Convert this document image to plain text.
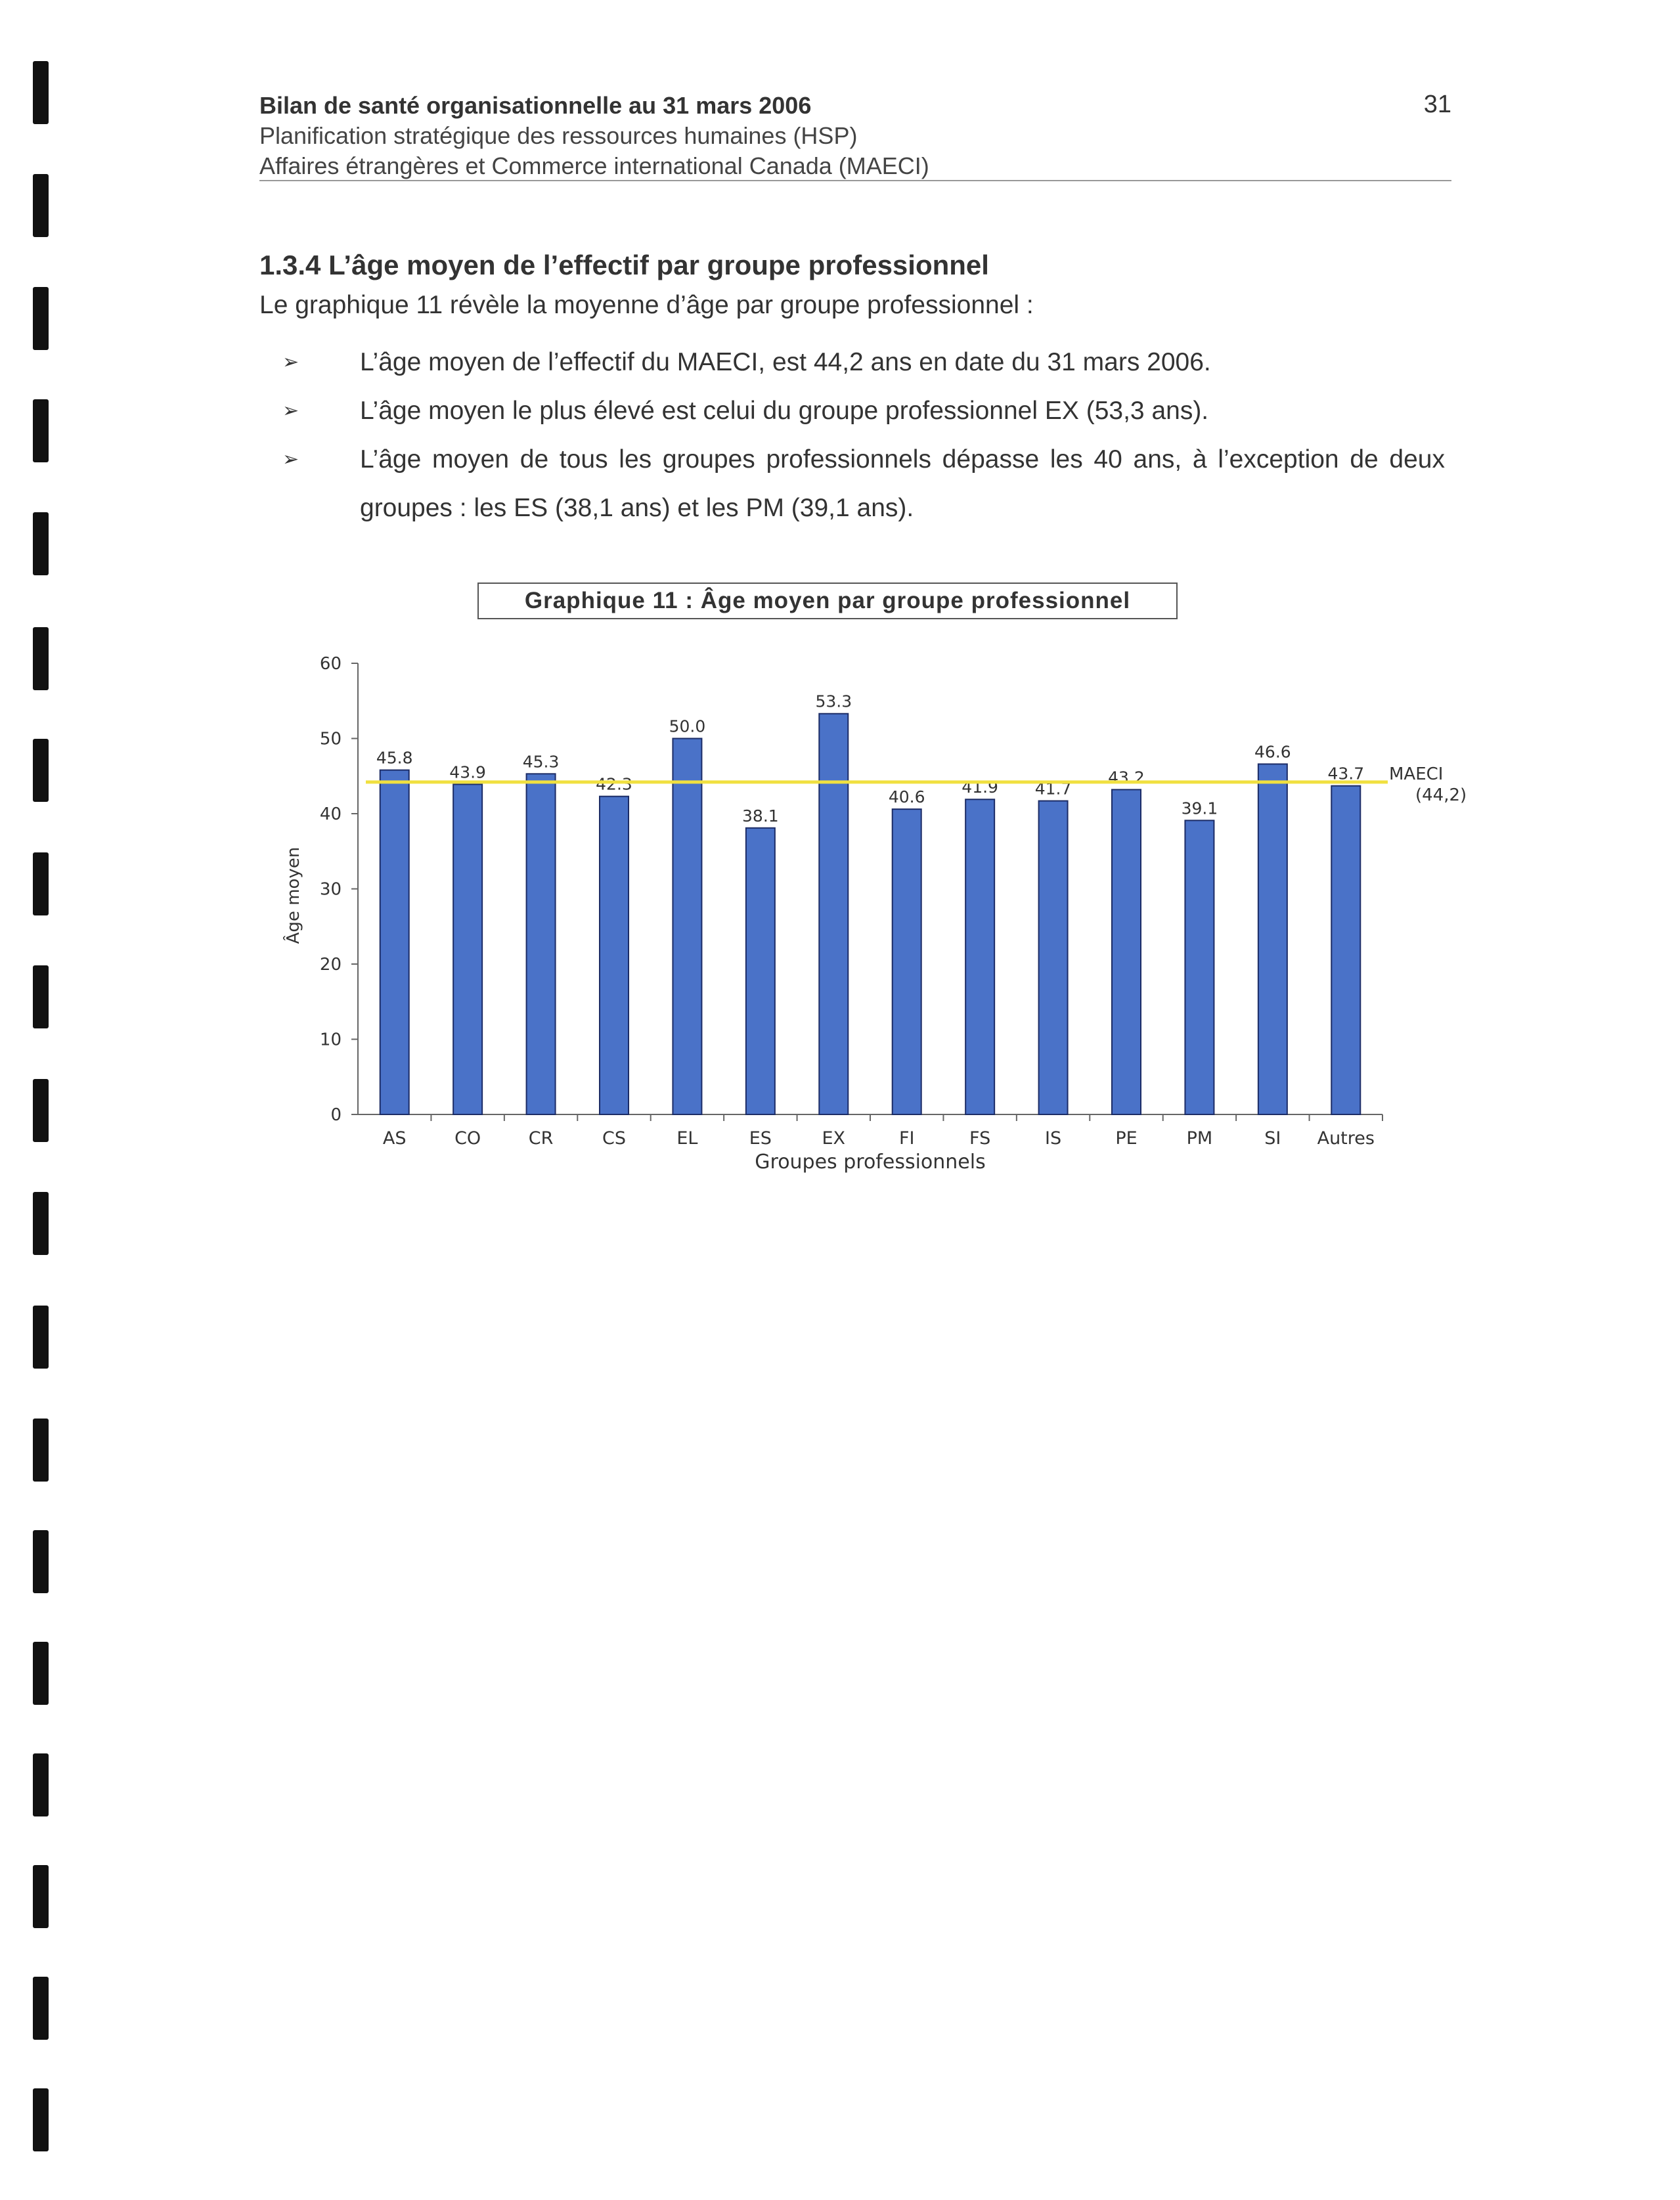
Bilan de santé organisationnelle au 31 mars 2006
Planification stratégique des ressources humaines (HSP)
Affaires étrangères et Commerce international Canada (MAECI)
31
1.3.4 L’âge moyen de l’effectif par groupe professionnel
Le graphique 11 révèle la moyenne d’âge par groupe professionnel :
➢ L’âge moyen de l’effectif du MAECI, est 44,2 ans en date du 31 mars 2006.
➢ L’âge moyen le plus élevé est celui du groupe professionnel EX (53,3 ans).
➢ L’âge moyen de tous les groupes professionnels dépasse les 40 ans, à l’exception de deux groupes : les ES (38,1 ans) et les PM (39,1 ans).
Graphique 11 : Âge moyen par groupe professionnel
0
10
20
30
40
50
60
Âge moyen
45.8
AS
43.9
CO
45.3
CR
42.3
CS
50.0
EL
38.1
ES
53.3
EX
40.6
FI
41.9
FS
41.7
IS
43.2
PE
39.1
PM
46.6
SI
43.7
Autres
Groupes professionnels
MAECI
(44,2)
